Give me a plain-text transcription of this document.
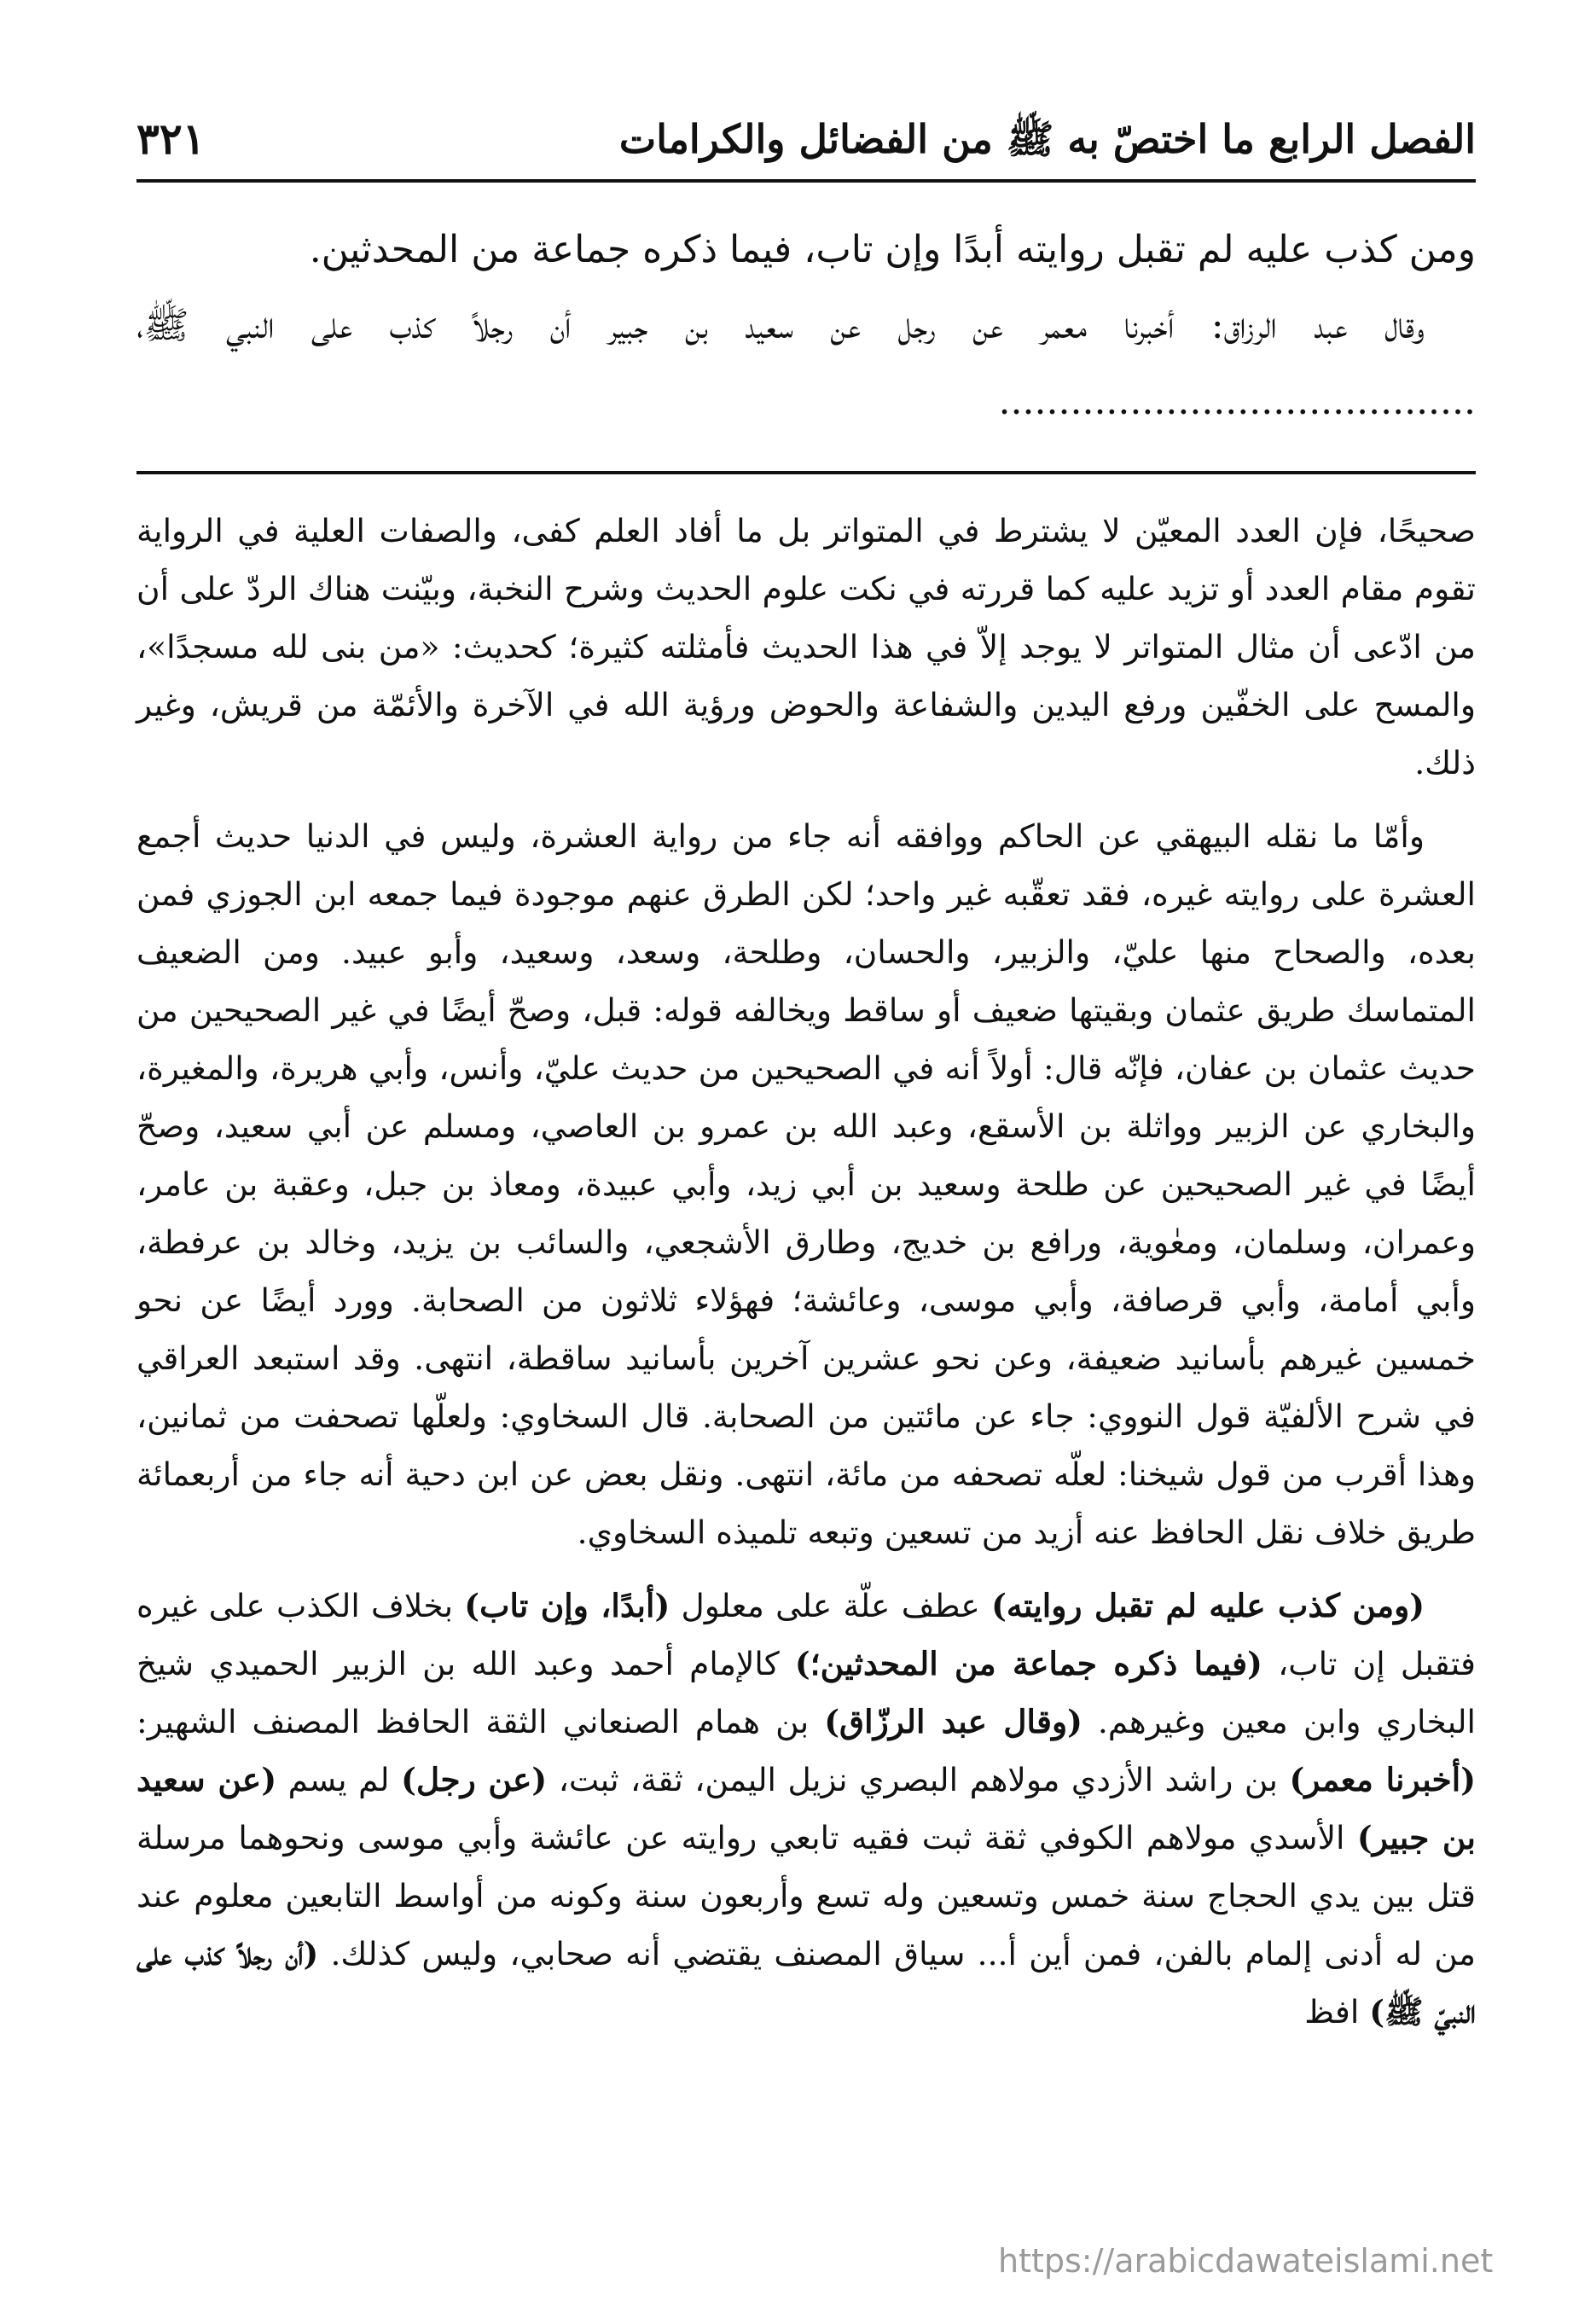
الفصل الرابع ما اختصّ به ﷺ من الفضائل والكرامات
٣٢١

ومن كذب عليه لم تقبل روايته أبدًا وإن تاب، فيما ذكره جماعة من المحدثين.

وقال عبد الرزاق: أخبرنا معمر عن رجل عن سعيد بن جبير أن رجلاً كذب على النبي ﷺ، ........................................

صحيحًا، فإن العدد المعيّن لا يشترط في المتواتر بل ما أفاد العلم كفى، والصفات العلية في الرواية تقوم مقام العدد أو تزيد عليه كما قررته في نكت علوم الحديث وشرح النخبة، وبيّنت هناك الردّ على أن من ادّعى أن مثال المتواتر لا يوجد إلاّ في هذا الحديث فأمثلته كثيرة؛ كحديث: «من بنى لله مسجدًا»، والمسح على الخفّين ورفع اليدين والشفاعة والحوض ورؤية الله في الآخرة والأئمّة من قريش، وغير ذلك.

وأمّا ما نقله البيهقي عن الحاكم ووافقه أنه جاء من رواية العشرة، وليس في الدنيا حديث أجمع العشرة على روايته غيره، فقد تعقّبه غير واحد؛ لكن الطرق عنهم موجودة فيما جمعه ابن الجوزي فمن بعده، والصحاح منها عليّ، والزبير، والحسان، وطلحة، وسعد، وسعيد، وأبو عبيد. ومن الضعيف المتماسك طريق عثمان وبقيتها ضعيف أو ساقط ويخالفه قوله: قبل، وصحّ أيضًا في غير الصحيحين من حديث عثمان بن عفان، فإنّه قال: أولاً أنه في الصحيحين من حديث عليّ، وأنس، وأبي هريرة، والمغيرة، والبخاري عن الزبير وواثلة بن الأسقع، وعبد الله بن عمرو بن العاصي، ومسلم عن أبي سعيد، وصحّ أيضًا في غير الصحيحين عن طلحة وسعيد بن أبي زيد، وأبي عبيدة، ومعاذ بن جبل، وعقبة بن عامر، وعمران، وسلمان، ومعٰوية، ورافع بن خديج، وطارق الأشجعي، والسائب بن يزيد، وخالد بن عرفطة، وأبي أمامة، وأبي قرصافة، وأبي موسى، وعائشة؛ فهؤلاء ثلاثون من الصحابة. وورد أيضًا عن نحو خمسين غيرهم بأسانيد ضعيفة، وعن نحو عشرين آخرين بأسانيد ساقطة، انتهى. وقد استبعد العراقي في شرح الألفيّة قول النووي: جاء عن مائتين من الصحابة. قال السخاوي: ولعلّها تصحفت من ثمانين، وهذا أقرب من قول شيخنا: لعلّه تصحفه من مائة، انتهى. ونقل بعض عن ابن دحية أنه جاء من أربعمائة طريق خلاف نقل الحافظ عنه أزيد من تسعين وتبعه تلميذه السخاوي.

(ومن كذب عليه لم تقبل روايته) عطف علّة على معلول (أبدًا، وإن تاب) بخلاف الكذب على غيره فتقبل إن تاب، (فيما ذكره جماعة من المحدثين؛) كالإمام أحمد وعبد الله بن الزبير الحميدي شيخ البخاري وابن معين وغيرهم. (وقال عبد الرزّاق) بن همام الصنعاني الثقة الحافظ المصنف الشهير: (أخبرنا معمر) بن راشد الأزدي مولاهم البصري نزيل اليمن، ثقة، ثبت، (عن رجل) لم يسم (عن سعيد بن جبير) الأسدي مولاهم الكوفي ثقة ثبت فقيه تابعي روايته عن عائشة وأبي موسى ونحوهما مرسلة قتل بين يدي الحجاج سنة خمس وتسعين وله تسع وأربعون سنة وكونه من أواسط التابعين معلوم عند من له أدنى إلمام بالفن، فمن أين أ... سياق المصنف يقتضي أنه صحابي، وليس كذلك. (أن رجلاً كذب على النبيّ ﷺ) افظ

https://arabicdawateislami.net
